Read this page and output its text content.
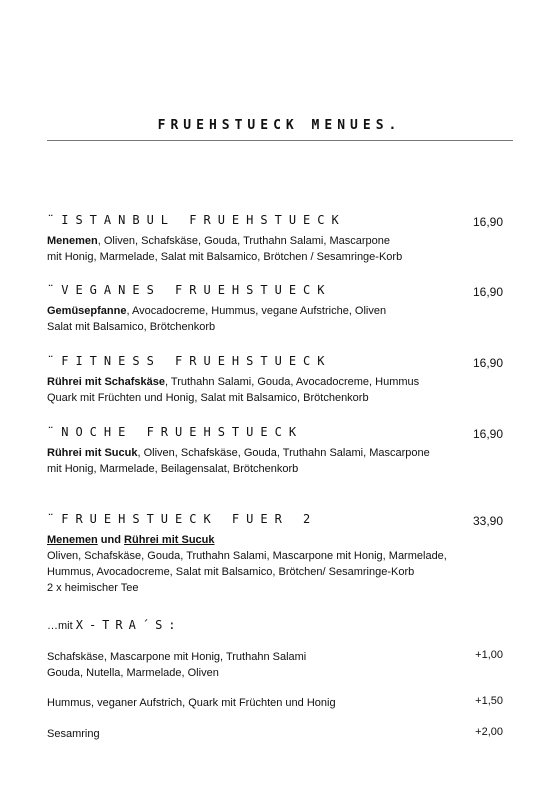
FRUEHSTUECK MENUES.
¨ISTANBUL FRUEHSTUECK	16,90
Menemen, Oliven, Schafskäse, Gouda, Truthahn Salami, Mascarpone
mit Honig, Marmelade, Salat mit Balsamico, Brötchen / Sesamringe-Korb
¨VEGANES FRUEHSTUECK	16,90
Gemüsepfanne, Avocadocreme, Hummus, vegane Aufstriche, Oliven
Salat mit Balsamico, Brötchenkorb
¨FITNESS FRUEHSTUECK	16,90
Rührei mit Schafskäse, Truthahn Salami, Gouda, Avocadocreme, Hummus
Quark mit Früchten und Honig, Salat mit Balsamico, Brötchenkorb
¨NOCHE FRUEHSTUECK	16,90
Rührei mit Sucuk, Oliven, Schafskäse, Gouda, Truthahn Salami, Mascarpone
mit Honig, Marmelade, Beilagensalat, Brötchenkorb
¨FRUEHSTUECK FUER 2	33,90
Menemen und Rührei mit Sucuk
Oliven, Schafskäse, Gouda, Truthahn Salami, Mascarpone mit Honig, Marmelade,
Hummus, Avocadocreme, Salat mit Balsamico, Brötchen/ Sesamringe-Korb
2 x heimischer Tee
…mit X-TRA´S:
Schafskäse, Mascarpone mit Honig, Truthahn Salami
Gouda, Nutella, Marmelade, Oliven
+1,00
Hummus, veganer Aufstrich, Quark mit Früchten und Honig	+1,50
Sesamring	+2,00
